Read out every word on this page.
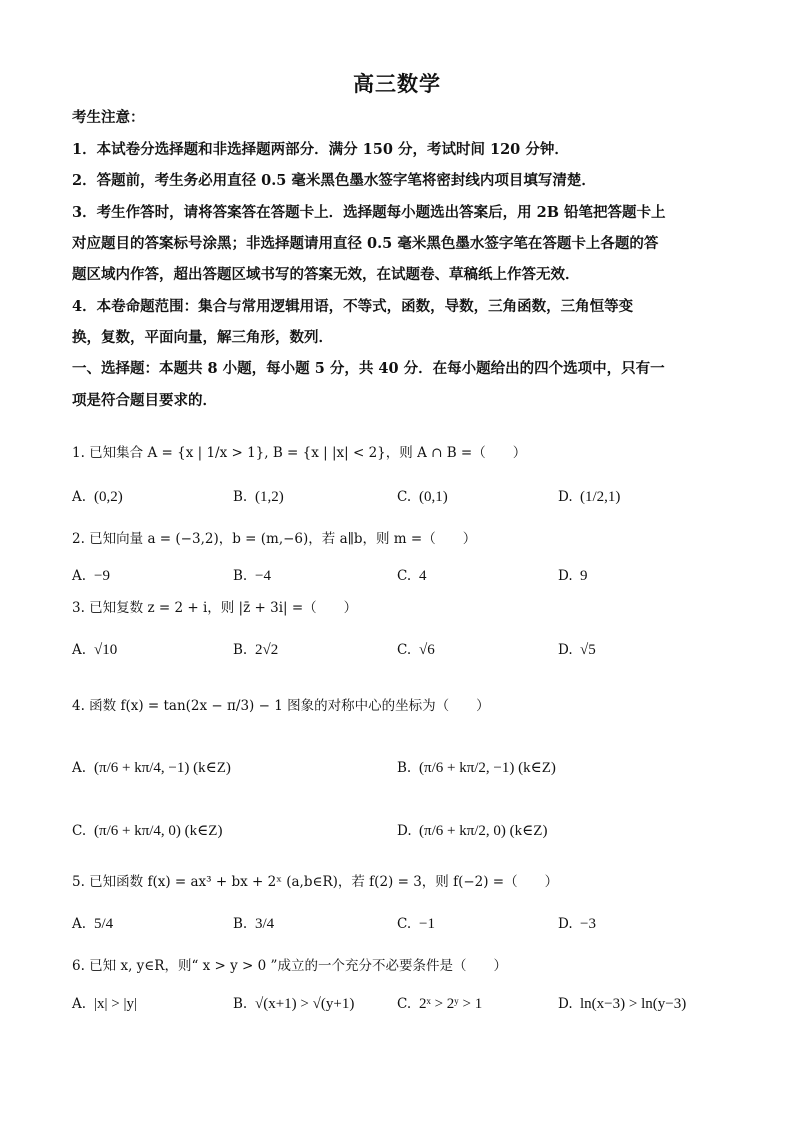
高三数学
考生注意：
1．本试卷分选择题和非选择题两部分．满分 150 分，考试时间 120 分钟．
2．答题前，考生务必用直径 0.5 毫米黑色墨水签字笔将密封线内项目填写清楚．
3．考生作答时，请将答案答在答题卡上．选择题每小题选出答案后，用 2B 铅笔把答题卡上
对应题目的答案标号涂黑；非选择题请用直径 0.5 毫米黑色墨水签字笔在答题卡上各题的答
题区域内作答，超出答题区域书写的答案无效，在试题卷、草稿纸上作答无效．
4．本卷命题范围：集合与常用逻辑用语，不等式，函数，导数，三角函数，三角恒等变
换，复数，平面向量，解三角形，数列．
一、选择题：本题共 8 小题，每小题 5 分，共 40 分．在每小题给出的四个选项中，只有一
项是符合题目要求的．
1. 已知集合 A = {x | 1/x > 1}, B = {x | |x| < 2}，则 A ∩ B =（　　）
A. (0,2)	B. (1,2)	C. (0,1)	D. (1/2,1)
2. 已知向量 a = (−3,2)，b = (m,−6)，若 a∥b，则 m =（　　）
A. −9	B. −4	C. 4	D. 9
3. 已知复数 z = 2 + i，则 |z̄ + 3i| =（　　）
A. √10	B. 2√2	C. √6	D. √5
4. 函数 f(x) = tan(2x − π/3) − 1 图象的对称中心的坐标为（　　）
A. (π/6 + kπ/4, −1) (k∈Z)	B. (π/6 + kπ/2, −1) (k∈Z)
C. (π/6 + kπ/4, 0) (k∈Z)	D. (π/6 + kπ/2, 0) (k∈Z)
5. 已知函数 f(x) = ax³ + bx + 2ˣ (a,b∈R)，若 f(2) = 3，则 f(−2) =（　　）
A. 5/4	B. 3/4	C. −1	D. −3
6. 已知 x, y∈R，则“ x > y > 0 ”成立的一个充分不必要条件是（　　）
A. |x| > |y|	B. √(x+1) > √(y+1)	C. 2ˣ > 2ʸ > 1	D. ln(x−3) > ln(y−3)
